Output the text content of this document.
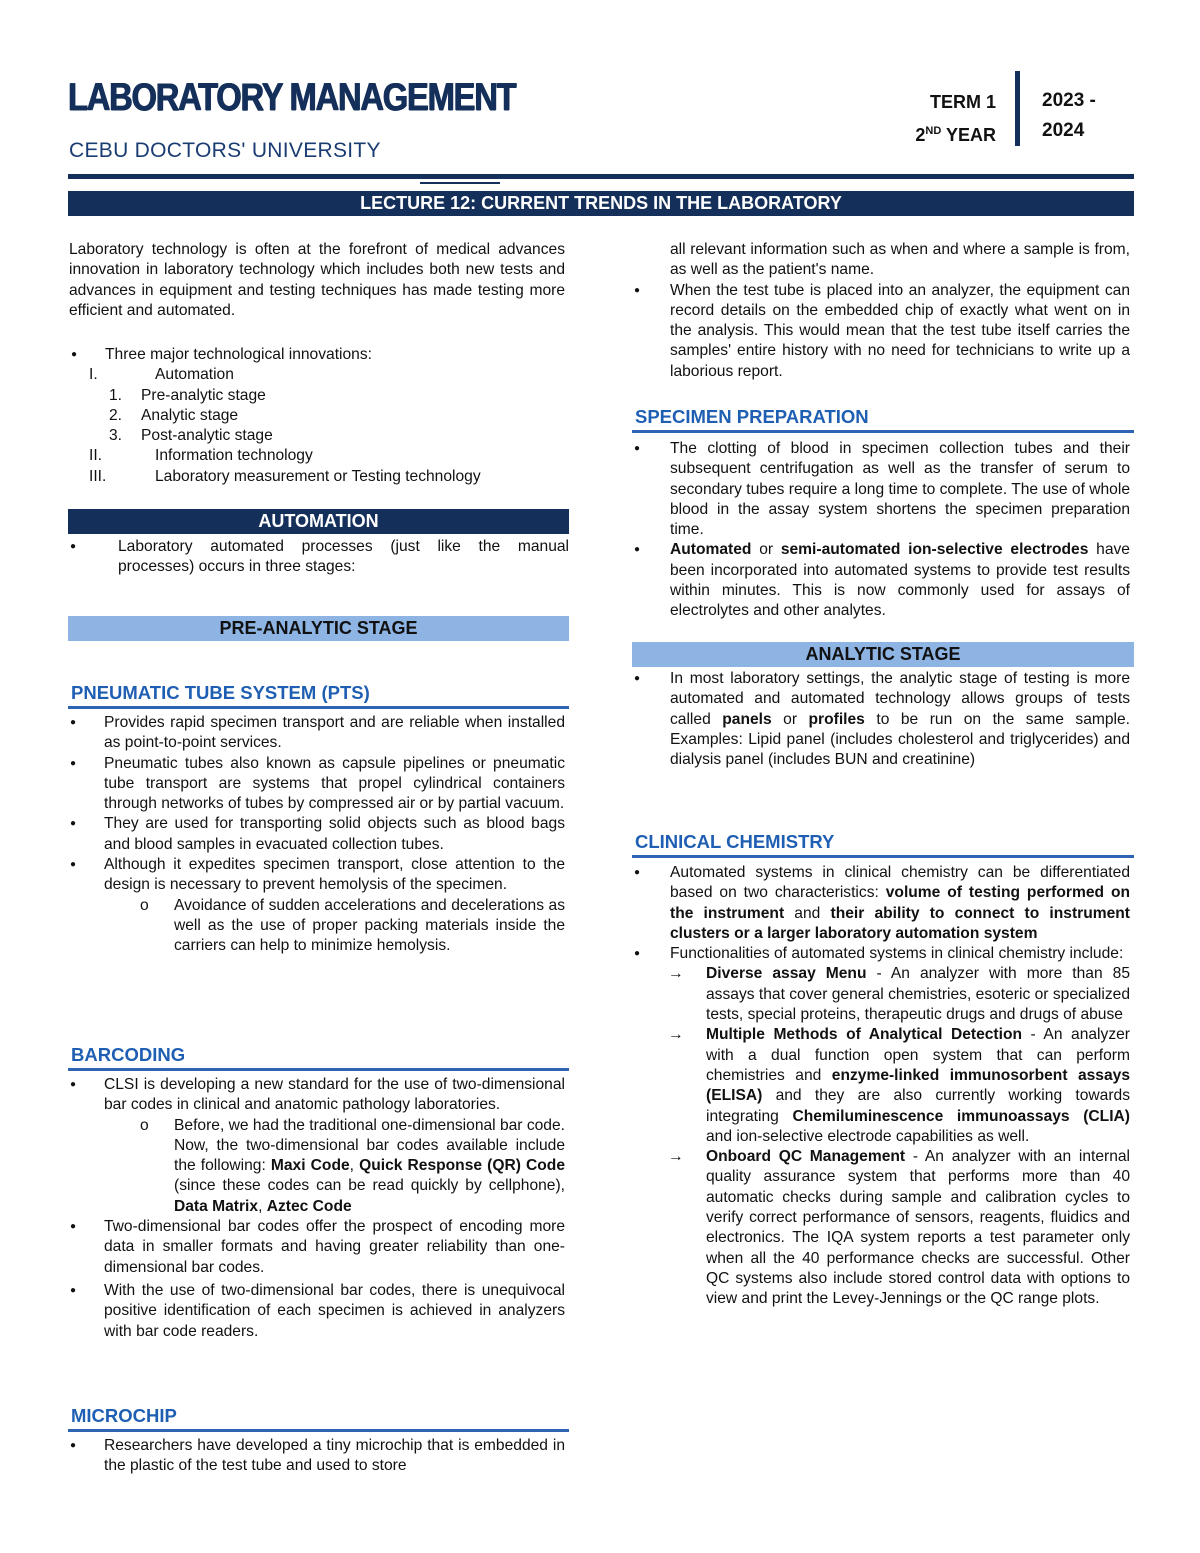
LABORATORY MANAGEMENT
CEBU DOCTORS' UNIVERSITY
TERM 1
2ND YEAR
2023 -
2024
LECTURE 12: CURRENT TRENDS IN THE LABORATORY

Laboratory technology is often at the forefront of medical advances innovation in laboratory technology which includes both new tests and advances in equipment and testing techniques has made testing more efficient and automated.

● Three major technological innovations:
I.	Automation
1. Pre-analytic stage
2. Analytic stage
3. Post-analytic stage
II.	Information technology
III.	Laboratory measurement or Testing technology
AUTOMATION
● Laboratory automated processes (just like the manual processes) occurs in three stages:
PRE-ANALYTIC STAGE
PNEUMATIC TUBE SYSTEM (PTS)
● Provides rapid specimen transport and are reliable when installed as point-to-point services.
● Pneumatic tubes also known as capsule pipelines or pneumatic tube transport are systems that propel cylindrical containers through networks of tubes by compressed air or by partial vacuum.
● They are used for transporting solid objects such as blood bags and blood samples in evacuated collection tubes.
● Although it expedites specimen transport, close attention to the design is necessary to prevent hemolysis of the specimen.
o Avoidance of sudden accelerations and decelerations as well as the use of proper packing materials inside the carriers can help to minimize hemolysis.
BARCODING
● CLSI is developing a new standard for the use of two-dimensional bar codes in clinical and anatomic pathology laboratories.
o Before, we had the traditional one-dimensional bar code. Now, the two-dimensional bar codes available include the following: Maxi Code, Quick Response (QR) Code (since these codes can be read quickly by cellphone), Data Matrix, Aztec Code
● Two-dimensional bar codes offer the prospect of encoding more data in smaller formats and having greater reliability than one-dimensional bar codes.
● With the use of two-dimensional bar codes, there is unequivocal positive identification of each specimen is achieved in analyzers with bar code readers.
MICROCHIP
● Researchers have developed a tiny microchip that is embedded in the plastic of the test tube and used to store
all relevant information such as when and where a sample is from, as well as the patient's name.
● When the test tube is placed into an analyzer, the equipment can record details on the embedded chip of exactly what went on in the analysis. This would mean that the test tube itself carries the samples' entire history with no need for technicians to write up a laborious report.
SPECIMEN PREPARATION
● The clotting of blood in specimen collection tubes and their subsequent centrifugation as well as the transfer of serum to secondary tubes require a long time to complete. The use of whole blood in the assay system shortens the specimen preparation time.
● Automated or semi-automated ion-selective electrodes have been incorporated into automated systems to provide test results within minutes. This is now commonly used for assays of electrolytes and other analytes.
ANALYTIC STAGE
● In most laboratory settings, the analytic stage of testing is more automated and automated technology allows groups of tests called panels or profiles to be run on the same sample. Examples: Lipid panel (includes cholesterol and triglycerides) and dialysis panel (includes BUN and creatinine)
CLINICAL CHEMISTRY
● Automated systems in clinical chemistry can be differentiated based on two characteristics: volume of testing performed on the instrument and their ability to connect to instrument clusters or a larger laboratory automation system
● Functionalities of automated systems in clinical chemistry include:
→ Diverse assay Menu - An analyzer with more than 85 assays that cover general chemistries, esoteric or specialized tests, special proteins, therapeutic drugs and drugs of abuse
→ Multiple Methods of Analytical Detection - An analyzer with a dual function open system that can perform chemistries and enzyme-linked immunosorbent assays (ELISA) and they are also currently working towards integrating Chemiluminescence immunoassays (CLIA) and ion-selective electrode capabilities as well.
→ Onboard QC Management - An analyzer with an internal quality assurance system that performs more than 40 automatic checks during sample and calibration cycles to verify correct performance of sensors, reagents, fluidics and electronics. The IQA system reports a test parameter only when all the 40 performance checks are successful. Other QC systems also include stored control data with options to view and print the Levey-Jennings or the QC range plots.
